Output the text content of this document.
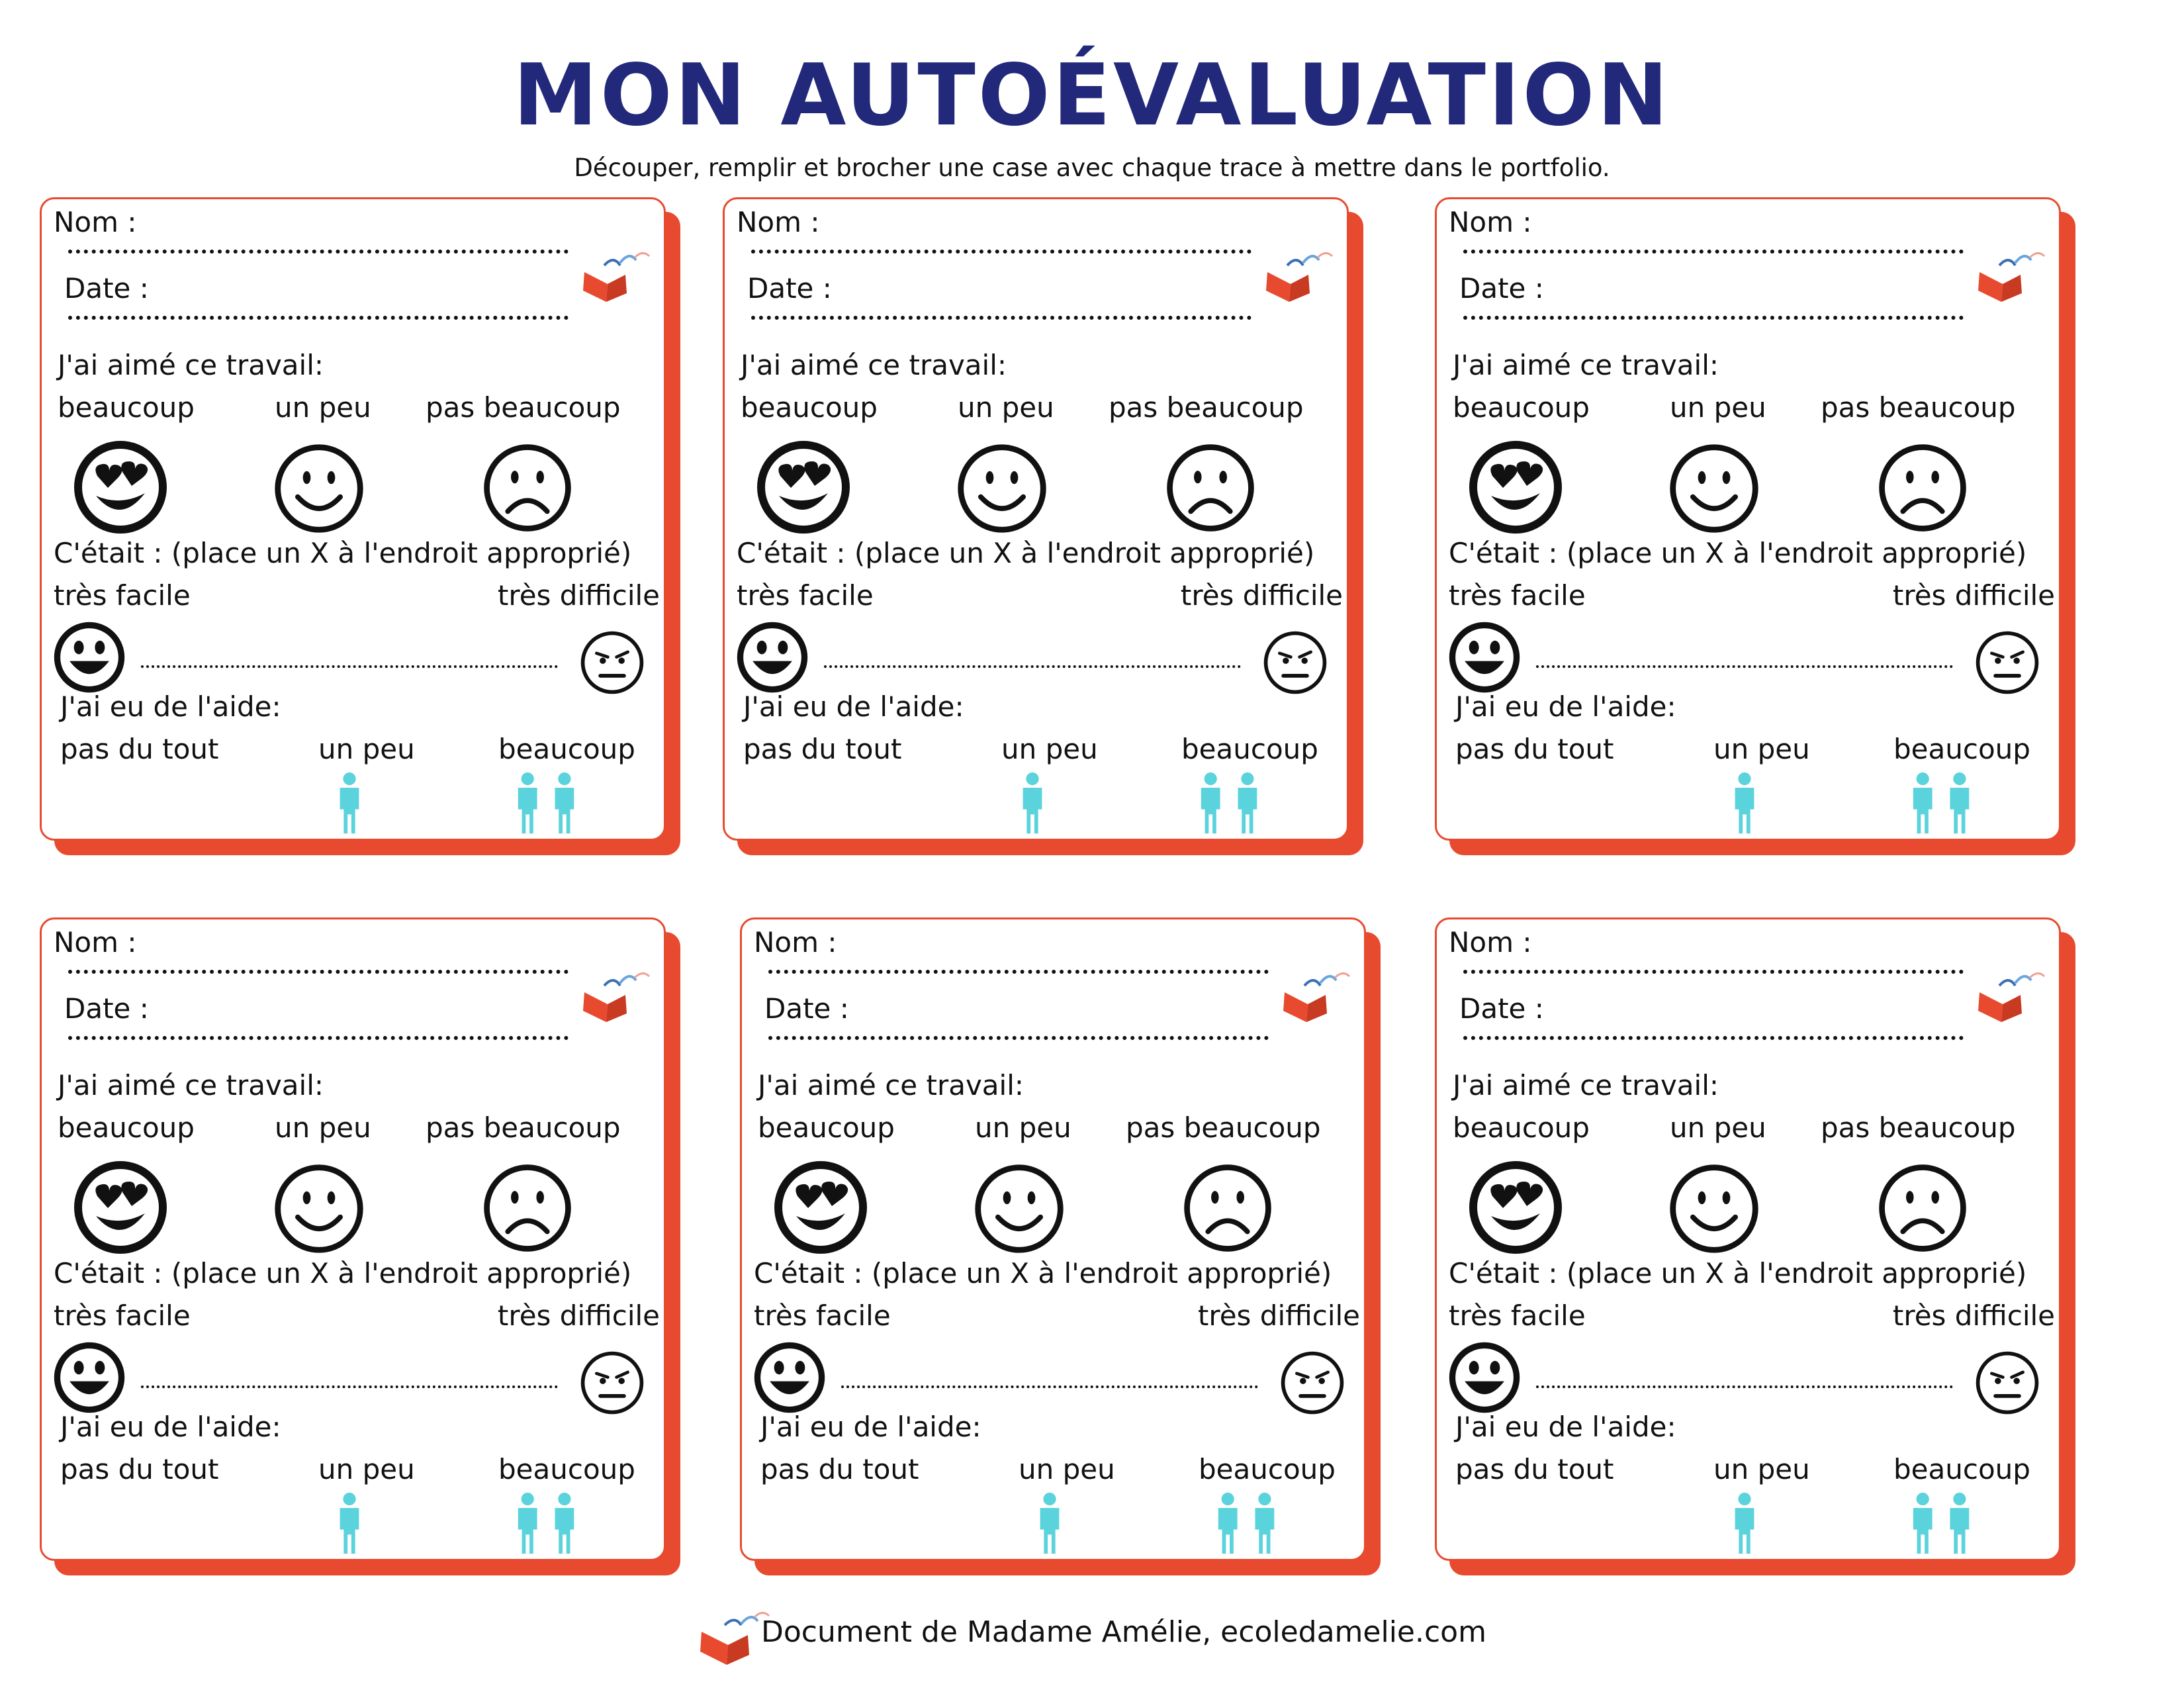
MON AUTOÉVALUATION
Découper, remplir et brocher une case avec chaque trace à mettre dans le portfolio.
Nom :
Date :
J'ai aimé ce travail:
beaucoup	un peu pas beaucoup
C'était : (place un X à l'endroit approprié)
très facile	très difficile
J'ai eu de l'aide:
pas du tout	un peu	beaucoup
Nom :
Date :
J'ai aimé ce travail:
beaucoup	un peu pas beaucoup
C'était : (place un X à l'endroit approprié)
très facile	très difficile
J'ai eu de l'aide:
pas du tout	un peu	beaucoup
Nom :
Date :
J'ai aimé ce travail:
beaucoup	un peu pas beaucoup
C'était : (place un X à l'endroit approprié)
très facile	très difficile
J'ai eu de l'aide:
pas du tout	un peu	beaucoup
Nom :
Date :
J'ai aimé ce travail:
beaucoup	un peu pas beaucoup
C'était : (place un X à l'endroit approprié)
très facile	très difficile
J'ai eu de l'aide:
pas du tout	un peu	beaucoup
Nom :
Date :
J'ai aimé ce travail:
beaucoup	un peu pas beaucoup
C'était : (place un X à l'endroit approprié)
très facile	très difficile
J'ai eu de l'aide:
pas du tout	un peu	beaucoup
Nom :
Date :
J'ai aimé ce travail:
beaucoup	un peu pas beaucoup
C'était : (place un X à l'endroit approprié)
très facile	très difficile
J'ai eu de l'aide:
pas du tout	un peu	beaucoup
Document de Madame Amélie, ecoledamelie.com
